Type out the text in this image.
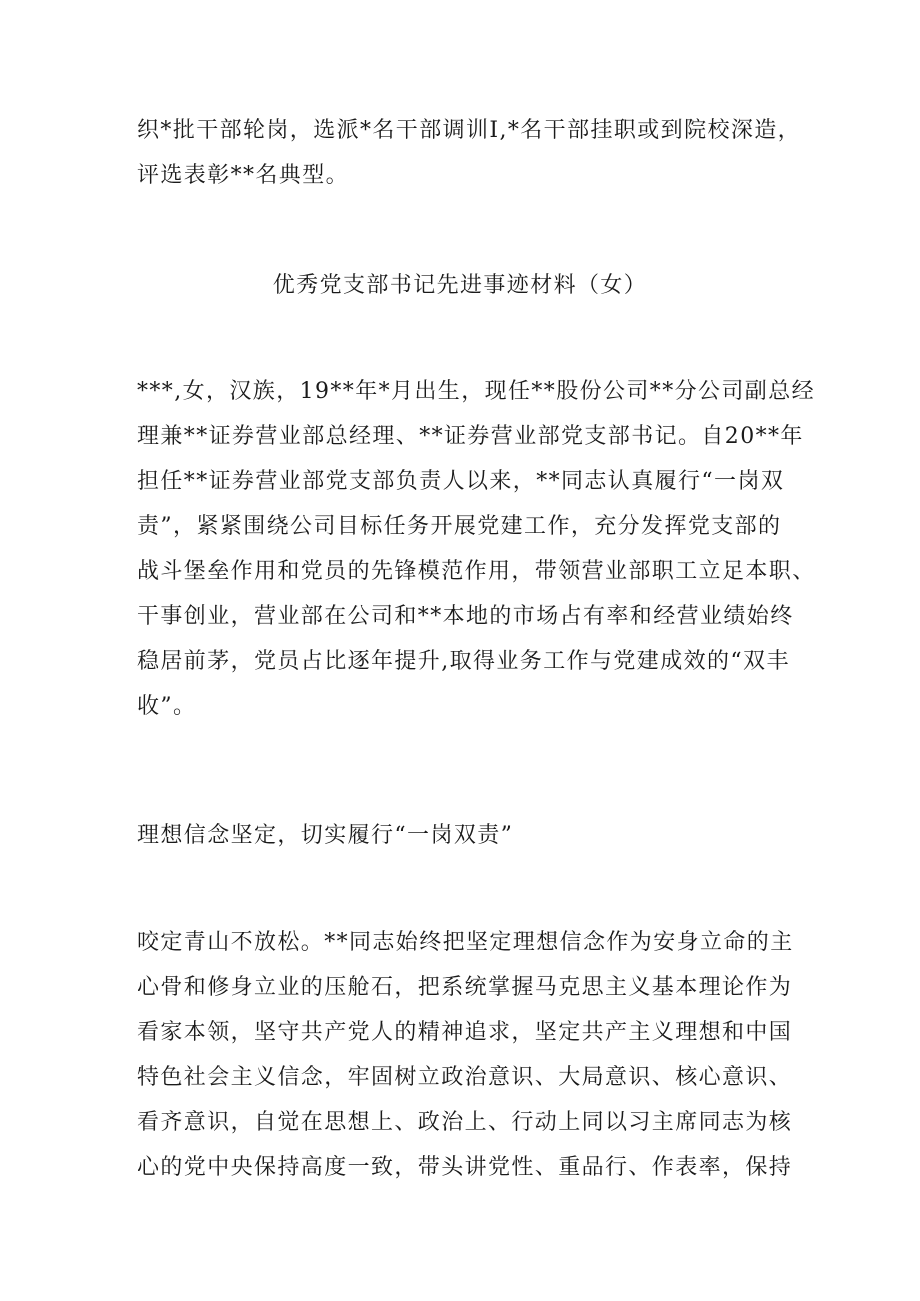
织*批干部轮岗，选派*名干部调训Ⅰ,*名干部挂职或到院校深造，
评选表彰**名典型。

优秀党支部书记先进事迹材料（女）

***,女，汉族，19**年*月出生，现任**股份公司**分公司副总经
理兼**证券营业部总经理、**证券营业部党支部书记。自20**年
担任**证券营业部党支部负责人以来，**同志认真履行“一岗双
责”，紧紧围绕公司目标任务开展党建工作，充分发挥党支部的
战斗堡垒作用和党员的先锋模范作用，带领营业部职工立足本职、
干事创业，营业部在公司和**本地的市场占有率和经营业绩始终
稳居前茅，党员占比逐年提升,取得业务工作与党建成效的“双丰
收”。

理想信念坚定，切实履行“一岗双责”

咬定青山不放松。**同志始终把坚定理想信念作为安身立命的主
心骨和修身立业的压舱石，把系统掌握马克思主义基本理论作为
看家本领，坚守共产党人的精神追求，坚定共产主义理想和中国
特色社会主义信念，牢固树立政治意识、大局意识、核心意识、
看齐意识，自觉在思想上、政治上、行动上同以习主席同志为核
心的党中央保持高度一致，带头讲党性、重品行、作表率，保持
